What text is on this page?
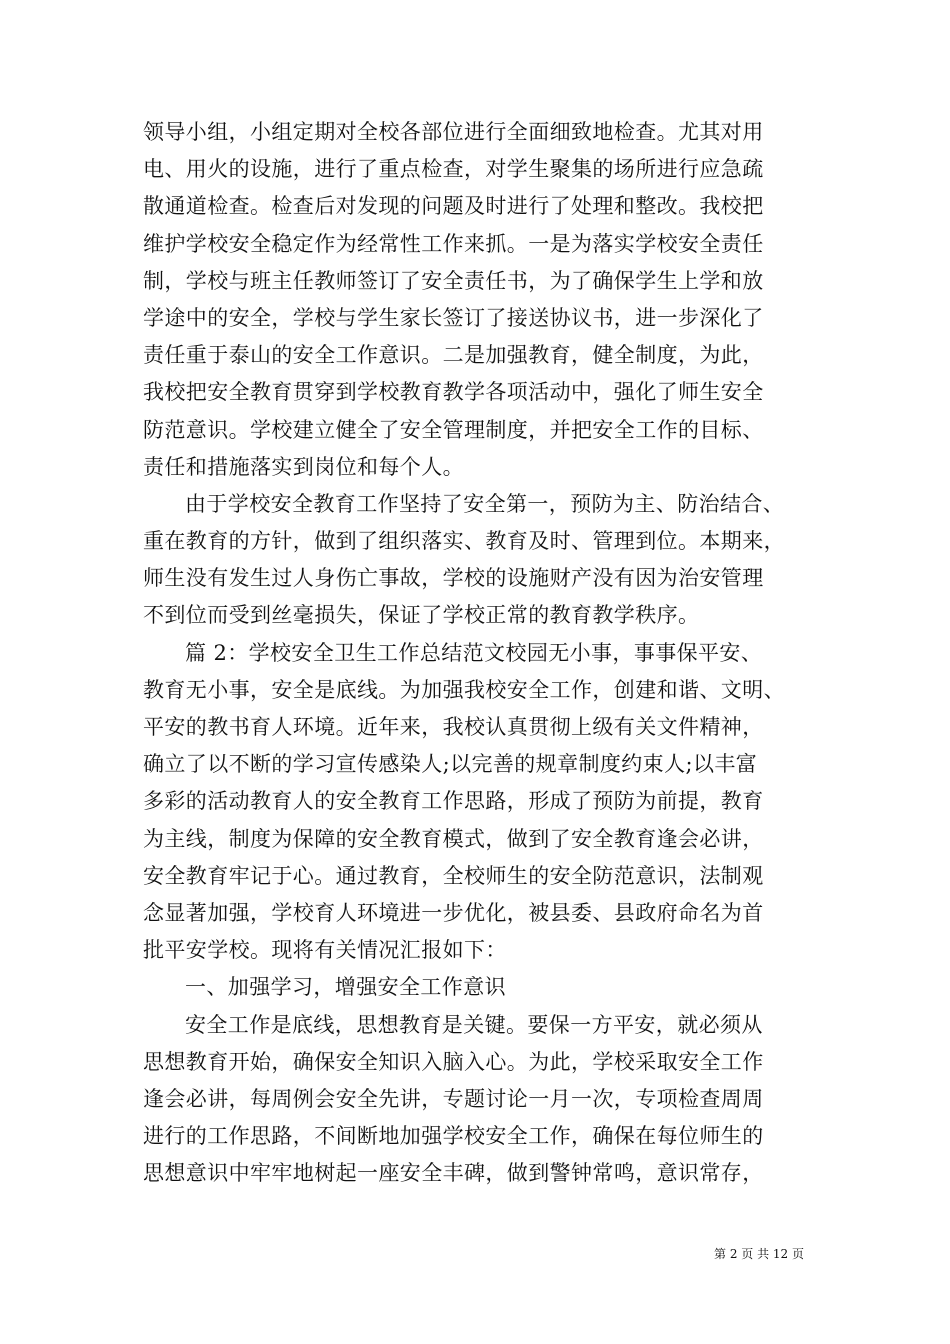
领导小组，小组定期对全校各部位进行全面细致地检查。尤其对用
电、用火的设施，进行了重点检查，对学生聚集的场所进行应急疏
散通道检查。检查后对发现的问题及时进行了处理和整改。我校把
维护学校安全稳定作为经常性工作来抓。一是为落实学校安全责任
制，学校与班主任教师签订了安全责任书，为了确保学生上学和放
学途中的安全，学校与学生家长签订了接送协议书，进一步深化了
责任重于泰山的安全工作意识。二是加强教育，健全制度，为此，
我校把安全教育贯穿到学校教育教学各项活动中，强化了师生安全
防范意识。学校建立健全了安全管理制度，并把安全工作的目标、
责任和措施落实到岗位和每个人。
由于学校安全教育工作坚持了安全第一，预防为主、防治结合、
重在教育的方针，做到了组织落实、教育及时、管理到位。本期来，
师生没有发生过人身伤亡事故，学校的设施财产没有因为治安管理
不到位而受到丝毫损失，保证了学校正常的教育教学秩序。
篇 2：学校安全卫生工作总结范文校园无小事，事事保平安、
教育无小事，安全是底线。为加强我校安全工作，创建和谐、文明、
平安的教书育人环境。近年来，我校认真贯彻上级有关文件精神，
确立了以不断的学习宣传感染人;以完善的规章制度约束人;以丰富
多彩的活动教育人的安全教育工作思路，形成了预防为前提，教育
为主线，制度为保障的安全教育模式，做到了安全教育逢会必讲，
安全教育牢记于心。通过教育，全校师生的安全防范意识，法制观
念显著加强，学校育人环境进一步优化，被县委、县政府命名为首
批平安学校。现将有关情况汇报如下：
一、加强学习，增强安全工作意识
安全工作是底线，思想教育是关键。要保一方平安，就必须从
思想教育开始，确保安全知识入脑入心。为此，学校采取安全工作
逢会必讲，每周例会安全先讲，专题讨论一月一次，专项检查周周
进行的工作思路，不间断地加强学校安全工作，确保在每位师生的
思想意识中牢牢地树起一座安全丰碑，做到警钟常鸣，意识常存，
第 2 页 共 12 页
